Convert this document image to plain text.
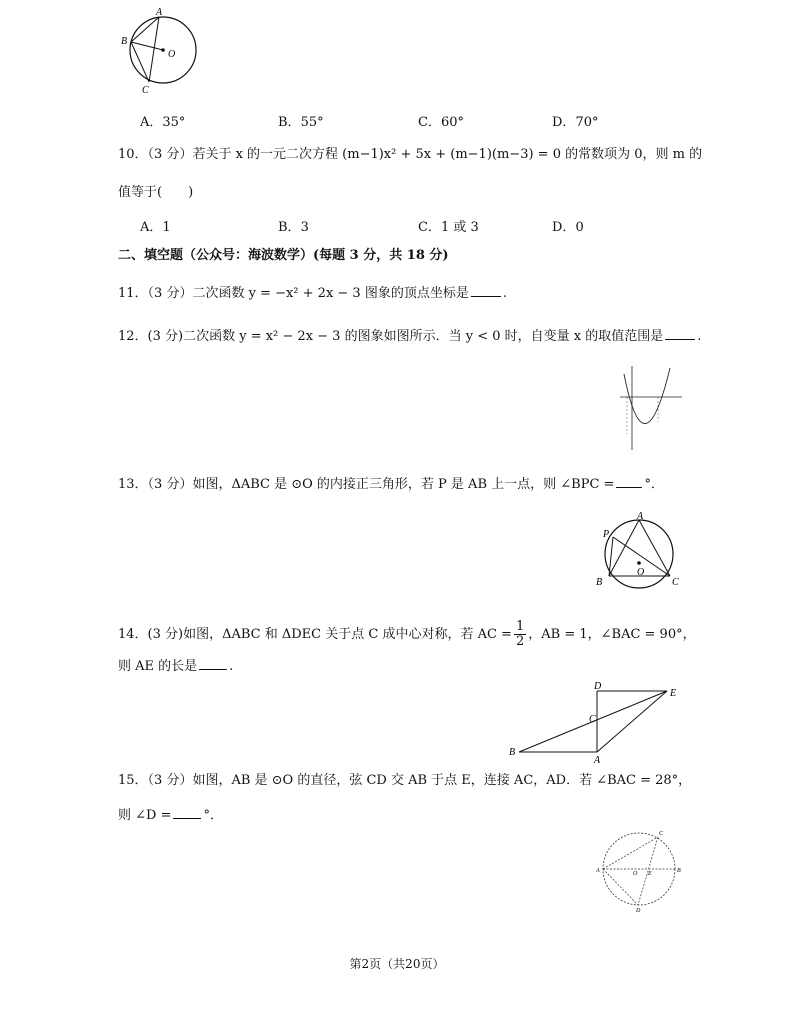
A
B
C
O
A．35°	B．55°	C．60°	D．70°
10．（3 分）若关于 x 的一元二次方程 (m−1)x² + 5x + (m−1)(m−3) = 0 的常数项为 0，则 m 的
值等于(　　)
A．1	B．3	C．1 或 3	D．0
二、填空题（公众号：海波数学）(每题 3 分，共 18 分)
11．（3 分）二次函数 y = −x² + 2x − 3 图象的顶点坐标是	.
12．(3 分)二次函数 y = x² − 2x − 3 的图象如图所示．当 y < 0 时，自变量 x 的取值范围是	.
13．（3 分）如图，ΔABC 是 ⊙O 的内接正三角形，若 P 是 AB 上一点，则 ∠BPC = °．
A
P
B	C
O
14．(3 分)如图，ΔABC 和 ΔDEC 关于点 C 成中心对称，若 AC = $\frac{1}{2}$ ，AB = 1，∠BAC = 90°，
则 AE 的长是 .
D
E
C
B
A
15．（3 分）如图，AB 是 ⊙O 的直径，弦 CD 交 AB 于点 E，连接 AC，AD．若 ∠BAC = 28°，
则 ∠D = °．
A	B
C
D
O E
第2页（共20页）
